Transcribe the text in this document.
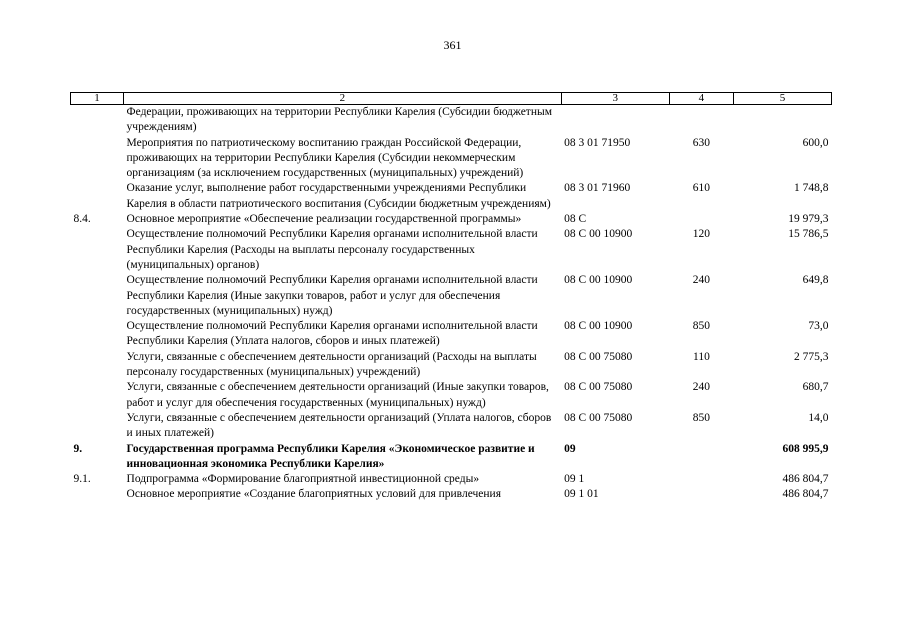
361
1	2	3	4	5
	Федерации, проживающих на территории Республики Карелия (Субсидии бюджетным учреждениям)			
	Мероприятия по патриотическому воспитанию граждан Российской Федерации, проживающих на территории Республики Карелия (Субсидии некоммерческим организациям (за исключением государственных (муниципальных) учреждений)	08 3 01 71950	630	600,0
	Оказание услуг, выполнение работ государственными учреждениями Республики Карелия в области патриотического воспитания (Субсидии бюджетным учреждениям)	08 3 01 71960	610	1 748,8
8.4.	Основное мероприятие «Обеспечение реализации государственной программы»	08 С		19 979,3
	Осуществление полномочий Республики Карелия органами исполнительной власти Республики Карелия (Расходы на выплаты персоналу государственных (муниципальных) органов)	08 С 00 10900	120	15 786,5
	Осуществление полномочий Республики Карелия органами исполнительной власти Республики Карелия (Иные закупки товаров, работ и услуг для обеспечения государственных (муниципальных) нужд)	08 С 00 10900	240	649,8
	Осуществление полномочий Республики Карелия органами исполнительной власти Республики Карелия (Уплата налогов, сборов и иных платежей)	08 С 00 10900	850	73,0
	Услуги, связанные с обеспечением деятельности организаций (Расходы на выплаты персоналу государственных (муниципальных) учреждений)	08 С 00 75080	110	2 775,3
	Услуги, связанные с обеспечением деятельности организаций (Иные закупки товаров, работ и услуг для обеспечения государственных (муниципальных) нужд)	08 С 00 75080	240	680,7
	Услуги, связанные с обеспечением деятельности организаций (Уплата налогов, сборов и иных платежей)	08 С 00 75080	850	14,0
9.	Государственная программа Республики Карелия «Экономическое развитие и инновационная экономика Республики Карелия»	09		608 995,9
9.1.	Подпрограмма «Формирование благоприятной инвестиционной среды»	09 1		486 804,7
	Основное мероприятие «Создание благоприятных условий для привлечения	09 1 01		486 804,7
